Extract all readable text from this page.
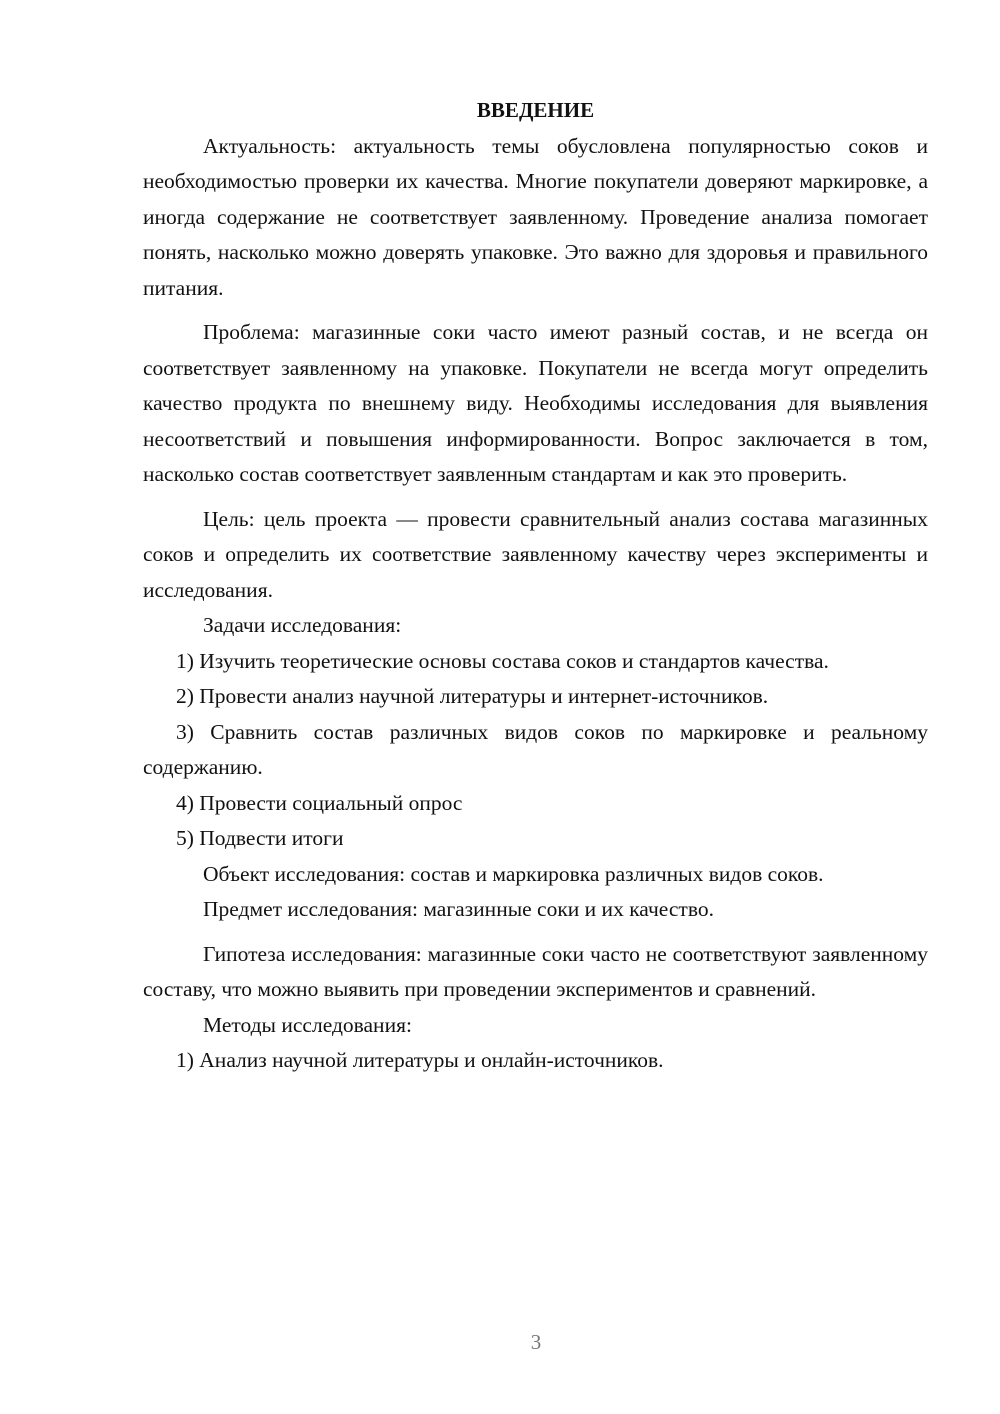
ВВЕДЕНИЕ

Актуальность: актуальность темы обусловлена популярностью соков и необходимостью проверки их качества. Многие покупатели доверяют маркировке, а иногда содержание не соответствует заявленному. Проведение анализа помогает понять, насколько можно доверять упаковке. Это важно для здоровья и правильного питания.

Проблема: магазинные соки часто имеют разный состав, и не всегда он соответствует заявленному на упаковке. Покупатели не всегда могут определить качество продукта по внешнему виду. Необходимы исследования для выявления несоответствий и повышения информированности. Вопрос заключается в том, насколько состав соответствует заявленным стандартам и как это проверить.

Цель: цель проекта — провести сравнительный анализ состава магазинных соков и определить их соответствие заявленному качеству через эксперименты и исследования.

Задачи исследования:

1) Изучить теоретические основы состава соков и стандартов качества.

2) Провести анализ научной литературы и интернет-источников.

3) Сравнить состав различных видов соков по маркировке и реальному содержанию.

4) Провести социальный опрос

5) Подвести итоги

Объект исследования: состав и маркировка различных видов соков.

Предмет исследования: магазинные соки и их качество.

Гипотеза исследования: магазинные соки часто не соответствуют заявленному составу, что можно выявить при проведении экспериментов и сравнений.

Методы исследования:

1) Анализ научной литературы и онлайн-источников.

3
